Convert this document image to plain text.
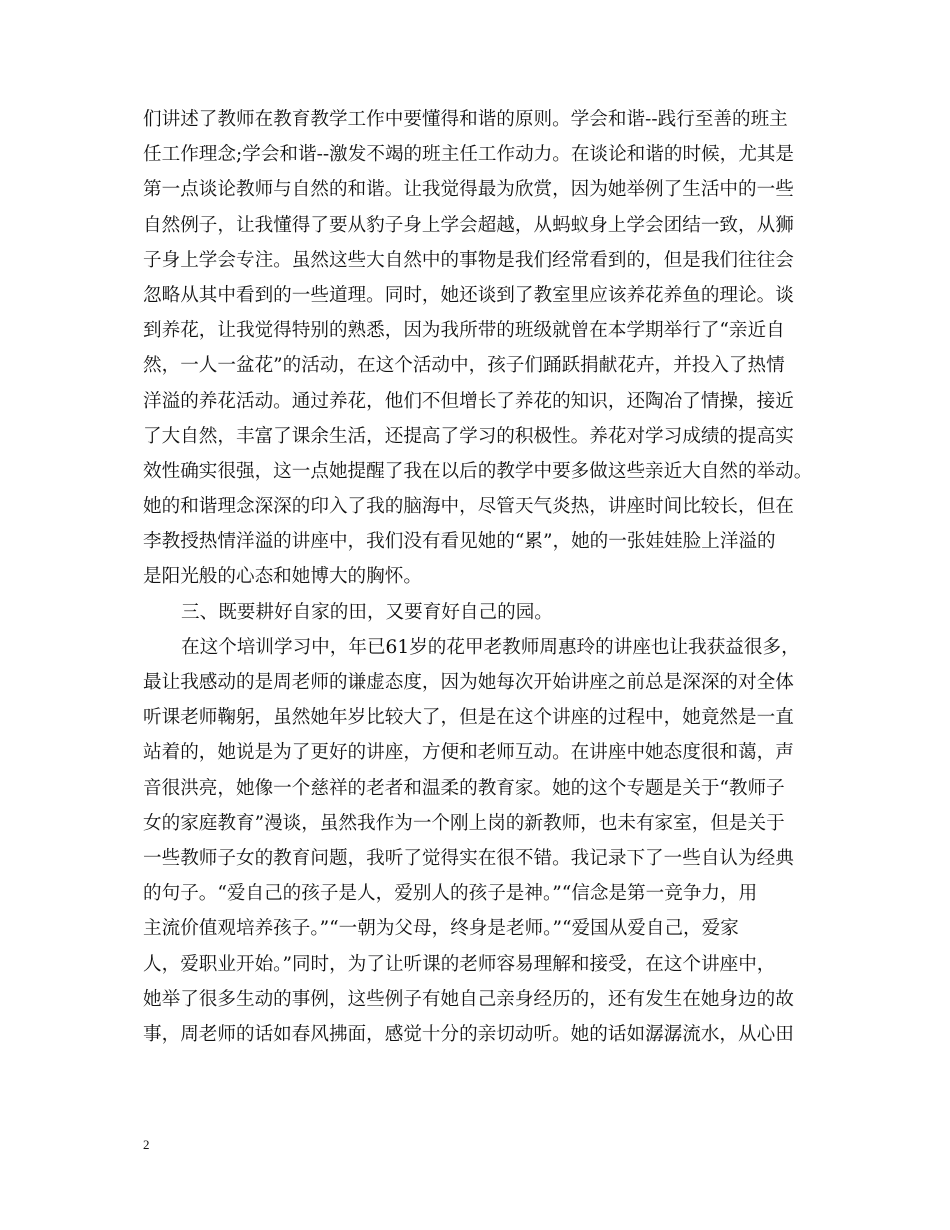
们讲述了教师在教育教学工作中要懂得和谐的原则。学会和谐--践行至善的班主
任工作理念;学会和谐--激发不竭的班主任工作动力。在谈论和谐的时候，尤其是
第一点谈论教师与自然的和谐。让我觉得最为欣赏，因为她举例了生活中的一些
自然例子，让我懂得了要从豹子身上学会超越，从蚂蚁身上学会团结一致，从狮
子身上学会专注。虽然这些大自然中的事物是我们经常看到的，但是我们往往会
忽略从其中看到的一些道理。同时，她还谈到了教室里应该养花养鱼的理论。谈
到养花，让我觉得特别的熟悉，因为我所带的班级就曾在本学期举行了“亲近自
然，一人一盆花”的活动，在这个活动中，孩子们踊跃捐献花卉，并投入了热情
洋溢的养花活动。通过养花，他们不但增长了养花的知识，还陶冶了情操，接近
了大自然，丰富了课余生活，还提高了学习的积极性。养花对学习成绩的提高实
效性确实很强，这一点她提醒了我在以后的教学中要多做这些亲近大自然的举动。
她的和谐理念深深的印入了我的脑海中，尽管天气炎热，讲座时间比较长，但在
李教授热情洋溢的讲座中，我们没有看见她的“累”，她的一张娃娃脸上洋溢的
是阳光般的心态和她博大的胸怀。
三、既要耕好自家的田，又要育好自己的园。
在这个培训学习中，年已61岁的花甲老教师周惠玲的讲座也让我获益很多，
最让我感动的是周老师的谦虚态度，因为她每次开始讲座之前总是深深的对全体
听课老师鞠躬，虽然她年岁比较大了，但是在这个讲座的过程中，她竟然是一直
站着的，她说是为了更好的讲座，方便和老师互动。在讲座中她态度很和蔼，声
音很洪亮，她像一个慈祥的老者和温柔的教育家。她的这个专题是关于“教师子
女的家庭教育”漫谈，虽然我作为一个刚上岗的新教师，也未有家室，但是关于
一些教师子女的教育问题，我听了觉得实在很不错。我记录下了一些自认为经典
的句子。“爱自己的孩子是人，爱别人的孩子是神。”“信念是第一竞争力，用
主流价值观培养孩子。”“一朝为父母，终身是老师。”“爱国从爱自己，爱家
人，爱职业开始。”同时，为了让听课的老师容易理解和接受，在这个讲座中，
她举了很多生动的事例，这些例子有她自己亲身经历的，还有发生在她身边的故
事，周老师的话如春风拂面，感觉十分的亲切动听。她的话如潺潺流水，从心田
2
